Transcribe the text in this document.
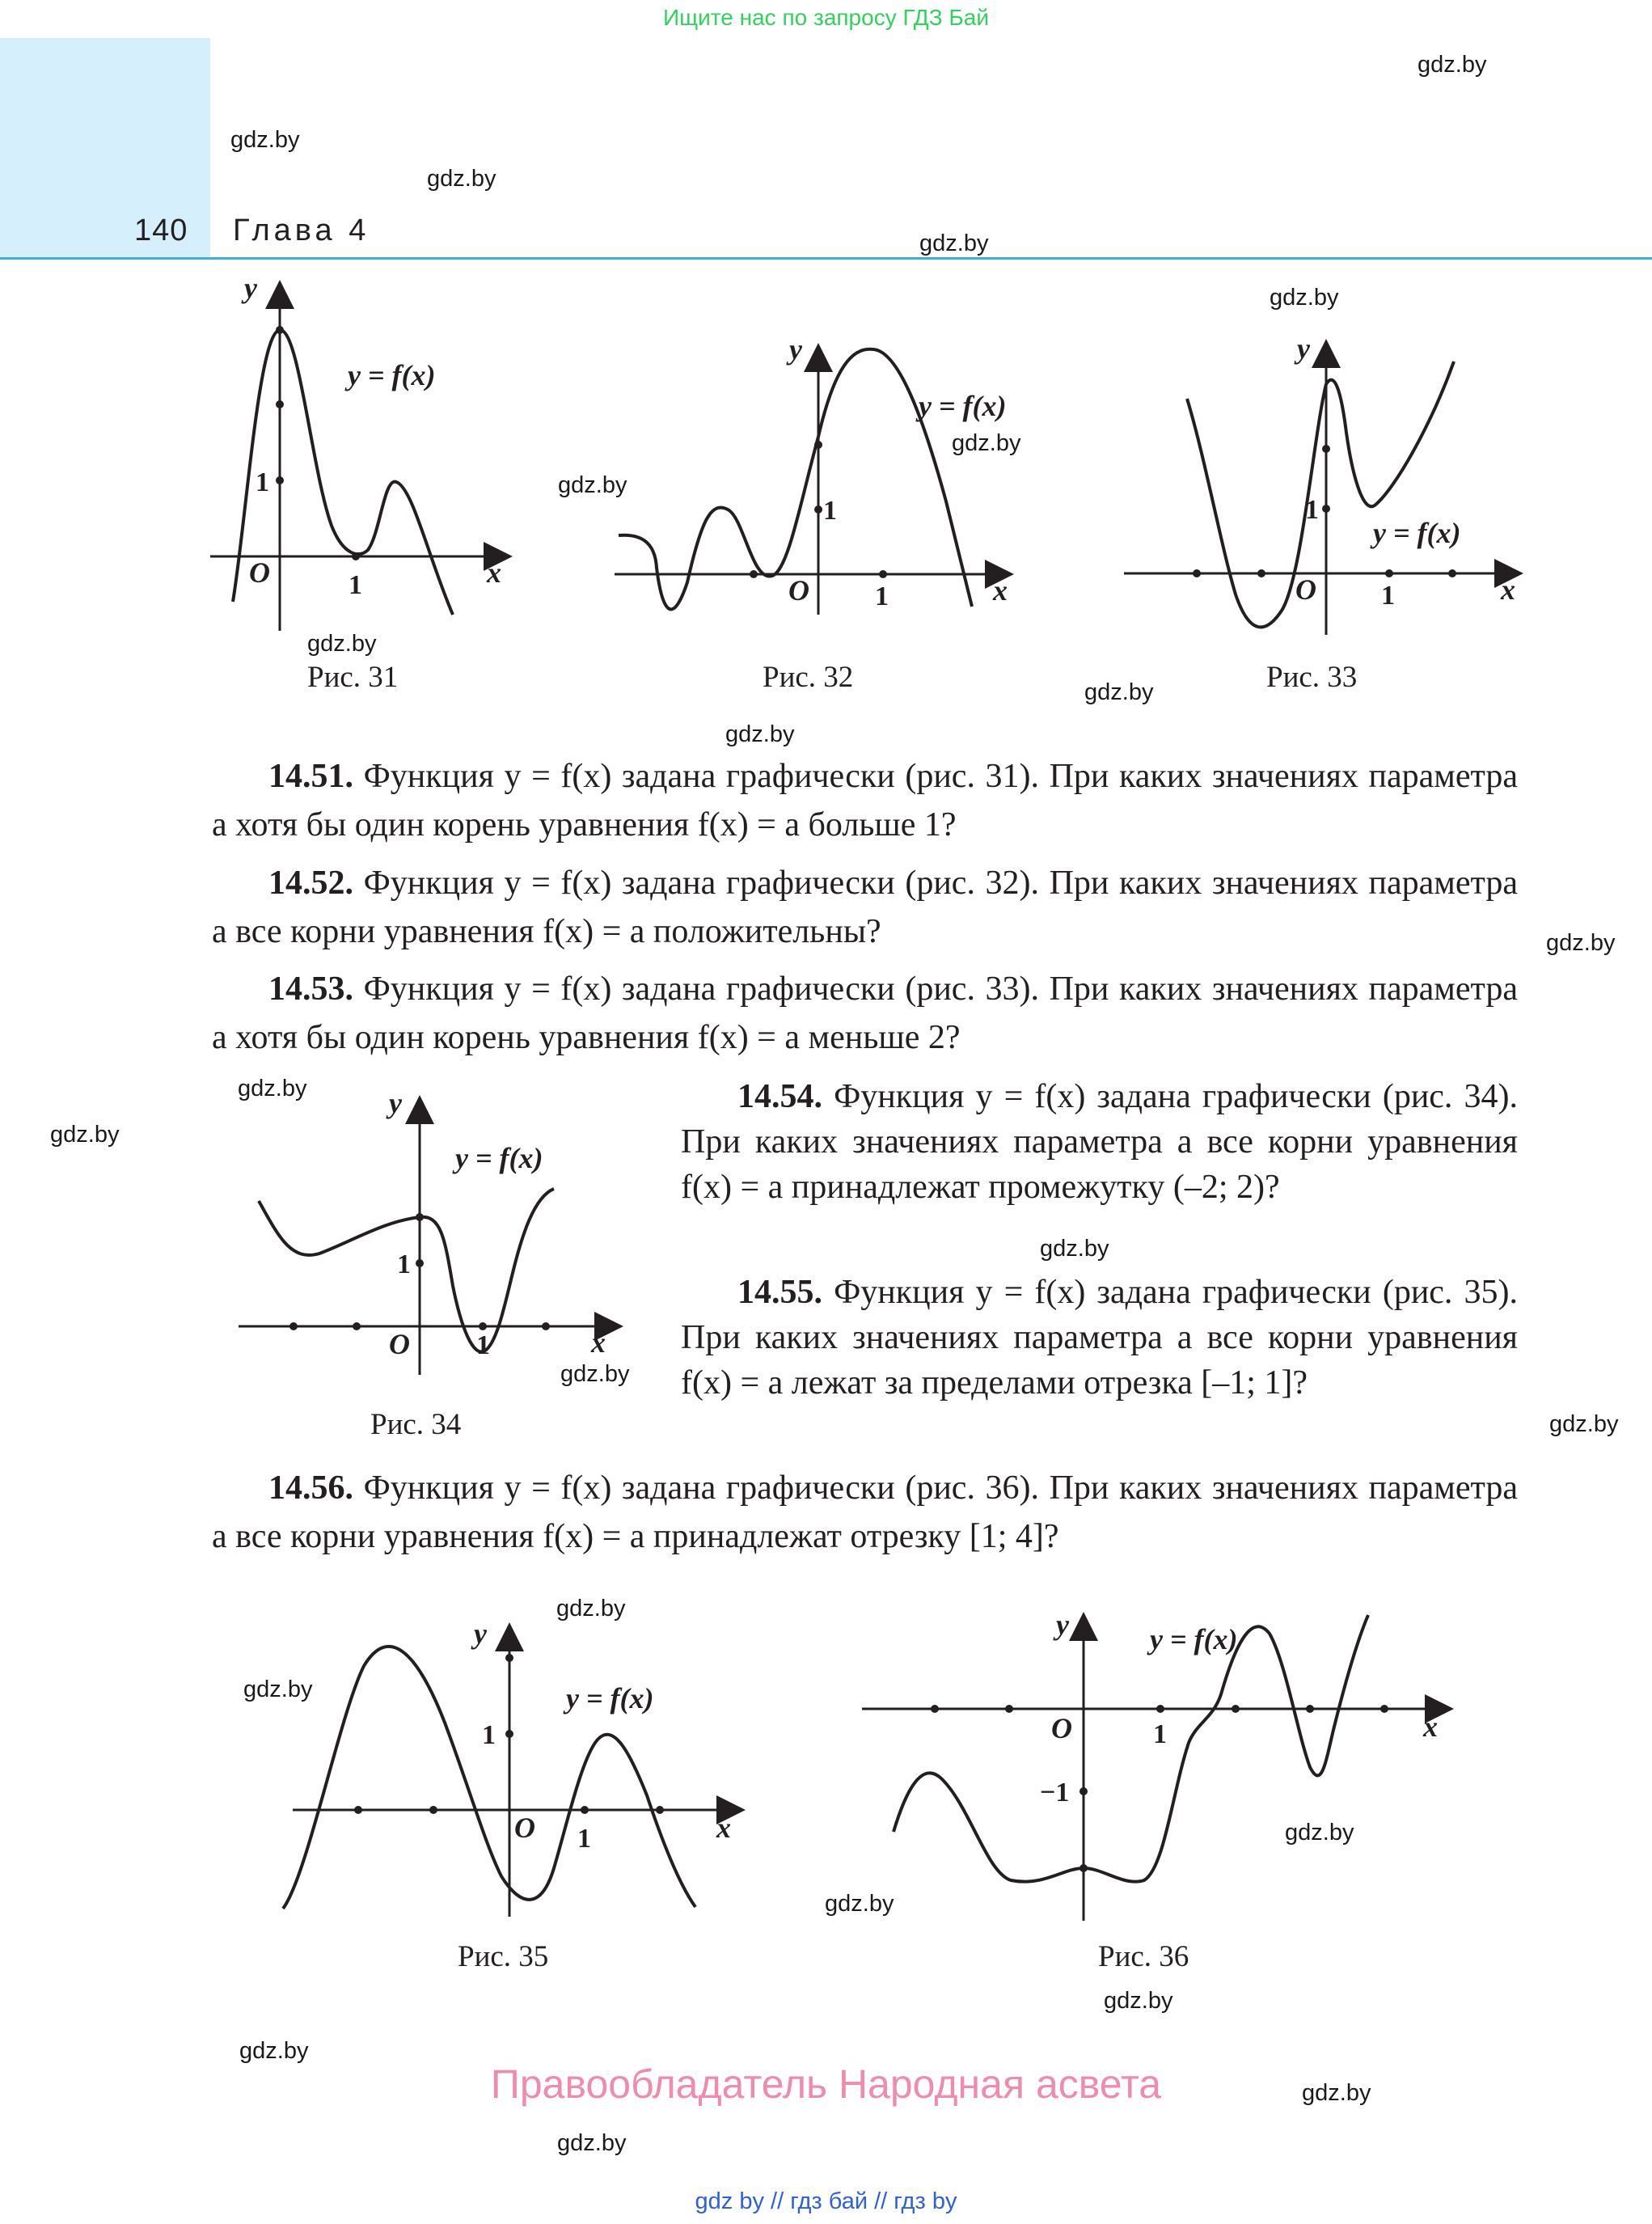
Ищите нас по запросу ГДЗ Бай
140 Глава 4
gdz.by
gdz.by
gdz.by
gdz.by
gdz.by
gdz.by
gdz.by
gdz.by
gdz.by
gdz.by
gdz.by
gdz.by
gdz.by
gdz.by
gdz.by
gdz.by
gdz.by
gdz.by
gdz.by
gdz.by
gdz.by
gdz.by
gdz.by
gdz.by
x
y
O	1
1
y = f(x)
Рис. 31
x
y
O 1
1
y = f(x)
Рис. 32
x
y
O 1
1
y = f(x)
Рис. 33
14.51. Функция y = f(x) задана графически (рис. 31). При каких значениях параметра a хотя бы один корень уравнения f(x) = a больше 1?
14.52. Функция y = f(x) задана графически (рис. 32). При каких значениях параметра a все корни уравнения f(x) = a положительны?
14.53. Функция y = f(x) задана графически (рис. 33). При каких значениях параметра a хотя бы один корень уравнения f(x) = a меньше 2?
x
y
O 1
1
y = f(x)
Рис. 34
14.54. Функция y = f(x) задана графически (рис. 34). При каких значениях параметра a все корни уравнения f(x) = a принадлежат промежутку (–2; 2)?
14.55. Функция y = f(x) задана графически (рис. 35). При каких значениях параметра a все корни уравнения f(x) = a лежат за пределами отрезка [–1; 1]?
14.56. Функция y = f(x) задана графически (рис. 36). При каких значениях параметра a все корни уравнения f(x) = a принадлежат отрезку [1; 4]?
x
y
O 1
1
y = f(x)
Рис. 35
x
y
O	1
−1
y = f(x)
Рис. 36
Правообладатель Народная асвета
gdz by // гдз бай // гдз by
